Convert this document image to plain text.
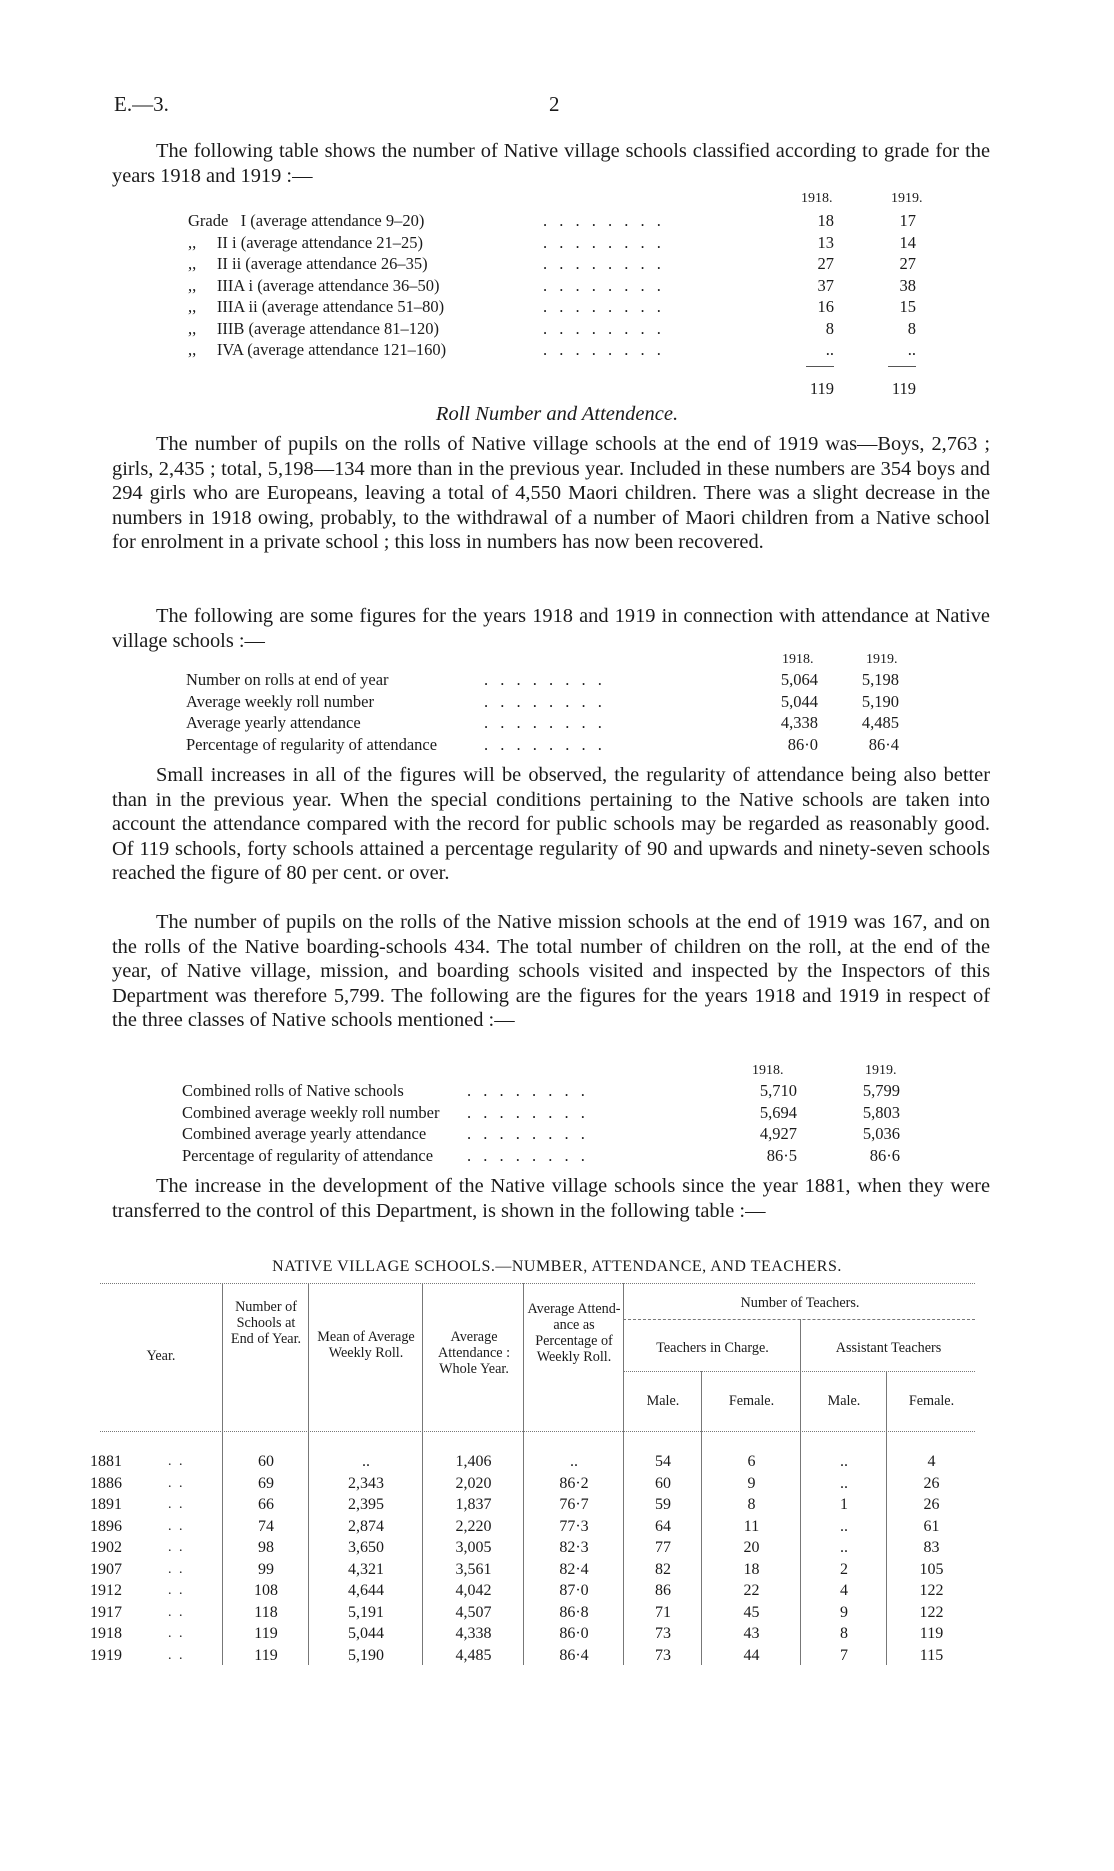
E.—3.	2

The following table shows the number of Native village schools classified according to grade for the years 1918 and 1919 :—

1918.	1919.
Grade   I (average attendance 9–20)	. . . . . . . .	18	17
,,     II i (average attendance 21–25)	. . . . . . . .	13	14
,,     II ii (average attendance 26–35)	. . . . . . . .	27	27
,,     IIIA i (average attendance 36–50)	. . . . . . . .	37	38
,,     IIIA ii (average attendance 51–80)	. . . . . . . .	16	15
,,     IIIB (average attendance 81–120)	. . . . . . . .	8	8
,,     IVA (average attendance 121–160)	. . . . . . . .	..	..
119	119
Roll Number and Attendence.

The number of pupils on the rolls of Native village schools at the end of 1919 was—Boys, 2,763 ; girls, 2,435 ; total, 5,198—134 more than in the previous year. Included in these numbers are 354 boys and 294 girls who are Europeans, leaving a total of 4,550 Maori children. There was a slight decrease in the numbers in 1918 owing, probably, to the withdrawal of a number of Maori children from a Native school for enrolment in a private school ; this loss in numbers has now been recovered.

The following are some figures for the years 1918 and 1919 in connection with attendance at Native village schools :—

1918.	1919.
Number on rolls at end of year	. . . . . . . .	5,064	5,198
Average weekly roll number	. . . . . . . .	5,044	5,190
Average yearly attendance	. . . . . . . .	4,338	4,485
Percentage of regularity of attendance	. . . . . . . .	86·0	86·4

Small increases in all of the figures will be observed, the regularity of attendance being also better than in the previous year. When the special conditions pertaining to the Native schools are taken into account the attendance compared with the record for public schools may be regarded as reasonably good. Of 119 schools, forty schools attained a percentage regularity of 90 and upwards and ninety-seven schools reached the figure of 80 per cent. or over.

The number of pupils on the rolls of the Native mission schools at the end of 1919 was 167, and on the rolls of the Native boarding-schools 434. The total number of children on the roll, at the end of the year, of Native village, mission, and boarding schools visited and inspected by the Inspectors of this Department was therefore 5,799. The following are the figures for the years 1918 and 1919 in respect of the three classes of Native schools mentioned :—

1918.	1919.
Combined rolls of Native schools	. . . . . . . .	5,710	5,799
Combined average weekly roll number . . . . . . . .	5,694	5,803
Combined average yearly attendance . . . . . . . .	4,927	5,036
Percentage of regularity of attendance . . . . . . . .	86·5	86·6

The increase in the development of the Native village schools since the year 1881, when they were transferred to the control of this Department, is shown in the following table :—

NATIVE VILLAGE SCHOOLS.—NUMBER, ATTENDANCE, AND TEACHERS.
Year.
Number of Schools at End of Year.	Mean of Average Weekly Roll.
Average Attendance : Whole Year.
Average Attend-ance as Percentage of Weekly Roll.
Number of Teachers.
Teachers in Charge.	Assistant Teachers
Male.	Female.	Male.	Female.
1881	. .	60	..	1,406	..	54	6	..	4
1886	. .	69	2,343	2,020	86·2	60	9	..	26
1891	. .	66	2,395	1,837	76·7	59	8	1	26
1896	. .	74	2,874	2,220	77·3	64	11	..	61
1902	. .	98	3,650	3,005	82·3	77	20	..	83
1907	. .	99	4,321	3,561	82·4	82	18	2	105
1912	. .	108	4,644	4,042	87·0	86	22	4	122
1917	. .	118	5,191	4,507	86·8	71	45	9	122
1918	. .	119	5,044	4,338	86·0	73	43	8	119
1919	. .	119	5,190	4,485	86·4	73	44	7	115
